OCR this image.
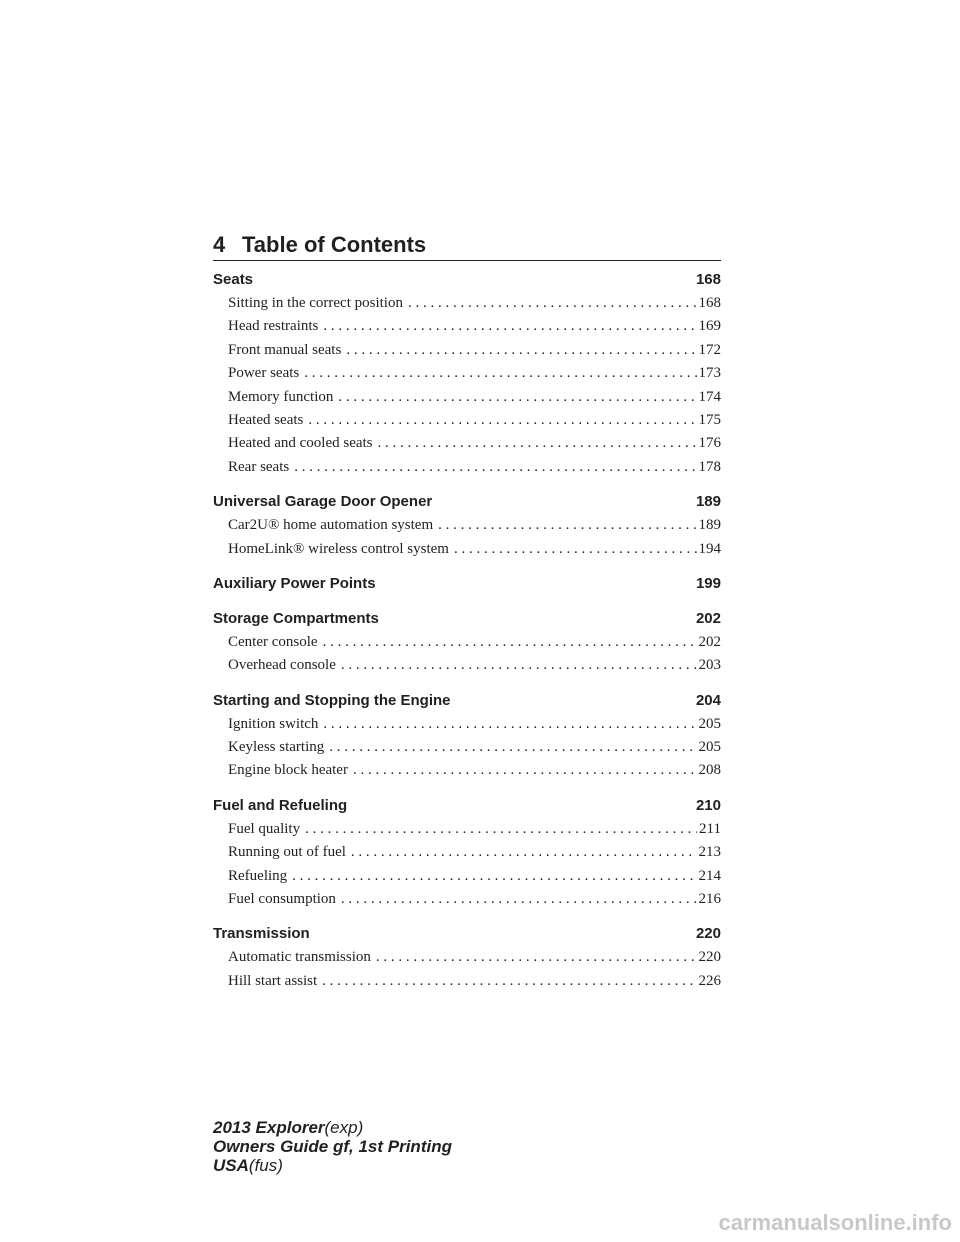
4 Table of Contents
Seats	168
Sitting in the correct position . . .	168
Head restraints . . .	169
Front manual seats . . .	172
Power seats . . .	173
Memory function . . .	174
Heated seats . . .	175
Heated and cooled seats . . .	176
Rear seats . . .	178
Universal Garage Door Opener	189
Car2U® home automation system . . .	189
HomeLink® wireless control system . . .	194
Auxiliary Power Points	199
Storage Compartments	202
Center console . . .	202
Overhead console . . .	203
Starting and Stopping the Engine	204
Ignition switch . . .	205
Keyless starting . . .	205
Engine block heater . . .	208
Fuel and Refueling	210
Fuel quality . . .	211
Running out of fuel . . .	213
Refueling . . .	214
Fuel consumption . . .	216
Transmission	220
Automatic transmission . . .	220
Hill start assist . . .	226
2013 Explorer(exp)
Owners Guide gf, 1st Printing
USA(fus)
carmanualsonline.info
